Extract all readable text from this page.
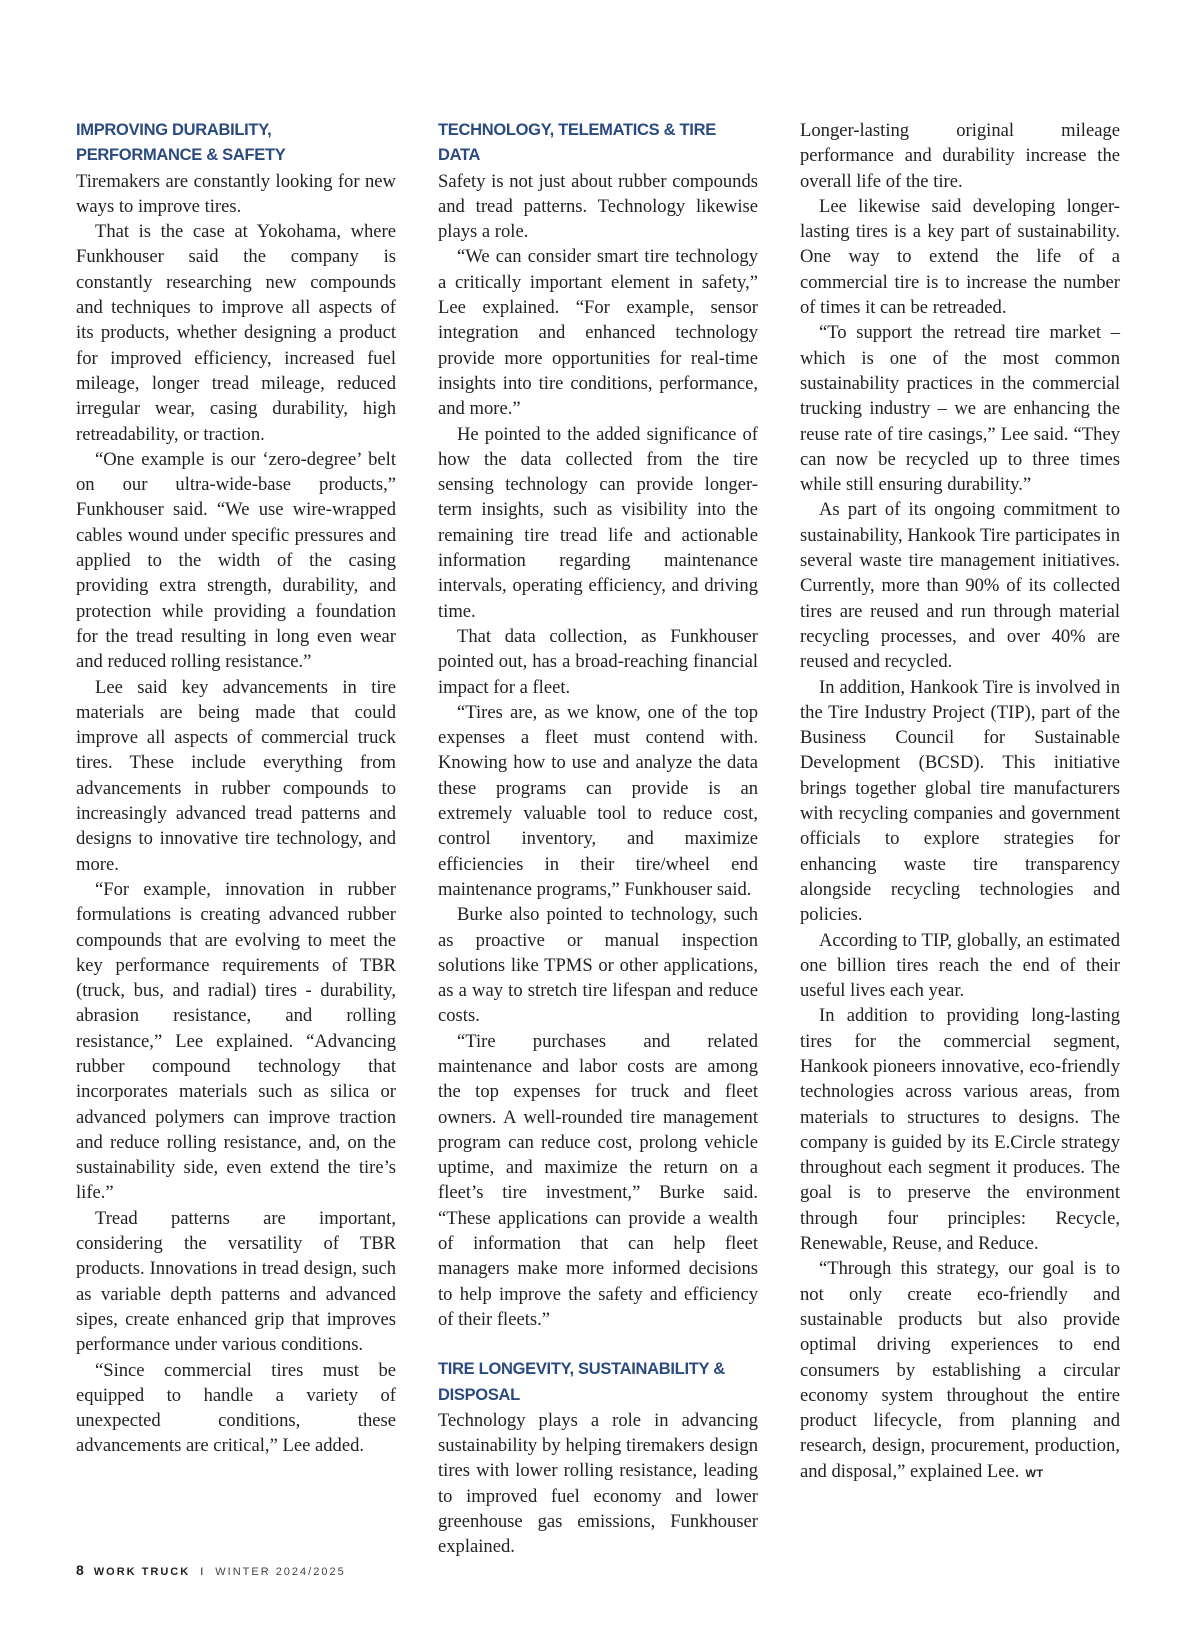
IMPROVING DURABILITY, PERFORMANCE & SAFETY

Tiremakers are constantly looking for new ways to improve tires.

That is the case at Yokohama, where Funkhouser said the company is constantly researching new compounds and techniques to improve all aspects of its products, whether designing a product for improved efficiency, increased fuel mileage, longer tread mileage, reduced irregular wear, casing durability, high retreadability, or traction.

“One example is our ‘zero-degree’ belt on our ultra-wide-base products,” Funkhouser said. “We use wire-wrapped cables wound under specific pressures and applied to the width of the casing providing extra strength, durability, and protection while providing a foundation for the tread resulting in long even wear and reduced rolling resistance.”

Lee said key advancements in tire materials are being made that could improve all aspects of commercial truck tires. These include everything from advancements in rubber compounds to increasingly advanced tread patterns and designs to innovative tire technology, and more.

“For example, innovation in rubber formulations is creating advanced rubber compounds that are evolving to meet the key performance requirements of TBR (truck, bus, and radial) tires - durability, abrasion resistance, and rolling resistance,” Lee explained. “Advancing rubber compound technology that incorporates materials such as silica or advanced polymers can improve traction and reduce rolling resistance, and, on the sustainability side, even extend the tire’s life.”

Tread patterns are important, considering the versatility of TBR products. Innovations in tread design, such as variable depth patterns and advanced sipes, create enhanced grip that improves performance under various conditions.

“Since commercial tires must be equipped to handle a variety of unexpected conditions, these advancements are critical,” Lee added.

TECHNOLOGY, TELEMATICS & TIRE DATA

Safety is not just about rubber compounds and tread patterns. Technology likewise plays a role.

“We can consider smart tire technology a critically important element in safety,” Lee explained. “For example, sensor integration and enhanced technology provide more opportunities for real-time insights into tire conditions, performance, and more.”

He pointed to the added significance of how the data collected from the tire sensing technology can provide longer-term insights, such as visibility into the remaining tire tread life and actionable information regarding maintenance intervals, operating efficiency, and driving time.

That data collection, as Funkhouser pointed out, has a broad-reaching financial impact for a fleet.

“Tires are, as we know, one of the top expenses a fleet must contend with. Knowing how to use and analyze the data these programs can provide is an extremely valuable tool to reduce cost, control inventory, and maximize efficiencies in their tire/wheel end maintenance programs,” Funkhouser said.

Burke also pointed to technology, such as proactive or manual inspection solutions like TPMS or other applications, as a way to stretch tire lifespan and reduce costs.

“Tire purchases and related maintenance and labor costs are among the top expenses for truck and fleet owners. A well-rounded tire management program can reduce cost, prolong vehicle uptime, and maximize the return on a fleet’s tire investment,” Burke said. “These applications can provide a wealth of information that can help fleet managers make more informed decisions to help improve the safety and efficiency of their fleets.”

TIRE LONGEVITY, SUSTAINABILITY & DISPOSAL

Technology plays a role in advancing sustainability by helping tiremakers design tires with lower rolling resistance, leading to improved fuel economy and lower greenhouse gas emissions, Funkhouser explained.

Longer-lasting original mileage performance and durability increase the overall life of the tire.

Lee likewise said developing longer-lasting tires is a key part of sustainability. One way to extend the life of a commercial tire is to increase the number of times it can be retreaded.

“To support the retread tire market – which is one of the most common sustainability practices in the commercial trucking industry – we are enhancing the reuse rate of tire casings,” Lee said. “They can now be recycled up to three times while still ensuring durability.”

As part of its ongoing commitment to sustainability, Hankook Tire participates in several waste tire management initiatives. Currently, more than 90% of its collected tires are reused and run through material recycling processes, and over 40% are reused and recycled.

In addition, Hankook Tire is involved in the Tire Industry Project (TIP), part of the Business Council for Sustainable Development (BCSD). This initiative brings together global tire manufacturers with recycling companies and government officials to explore strategies for enhancing waste tire transparency alongside recycling technologies and policies.

According to TIP, globally, an estimated one billion tires reach the end of their useful lives each year.

In addition to providing long-lasting tires for the commercial segment, Hankook pioneers innovative, eco-friendly technologies across various areas, from materials to structures to designs. The company is guided by its E.Circle strategy throughout each segment it produces. The goal is to preserve the environment through four principles: Recycle, Renewable, Reuse, and Reduce.

“Through this strategy, our goal is to not only create eco-friendly and sustainable products but also provide optimal driving experiences to end consumers by establishing a circular economy system throughout the entire product lifecycle, from planning and research, design, procurement, production, and disposal,” explained Lee. WT

8 WORK TRUCK I WINTER 2024/2025
